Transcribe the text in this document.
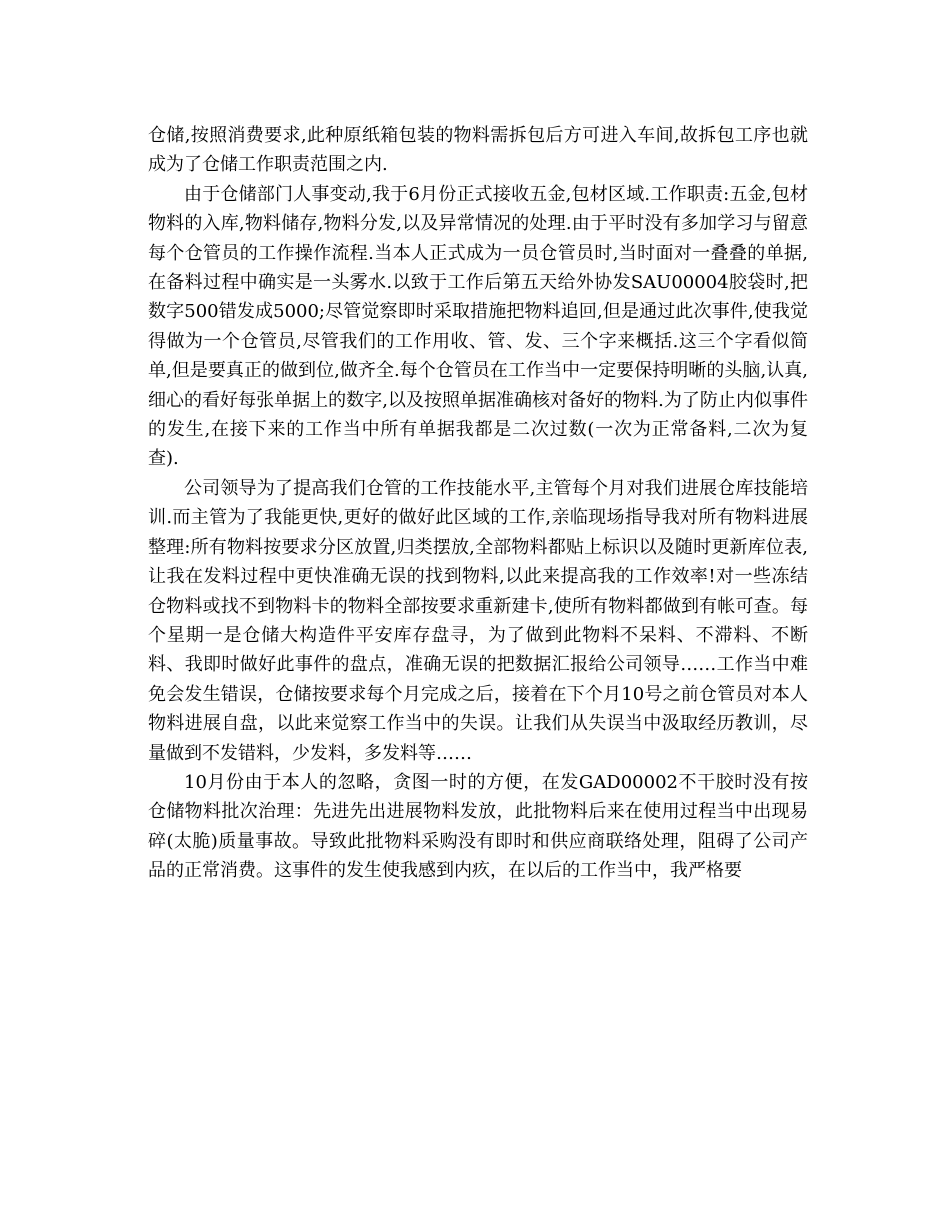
仓储,按照消费要求,此种原纸箱包装的物料需拆包后方可进入车间,故拆包工序也就成为了仓储工作职责范围之内.

由于仓储部门人事变动,我于6月份正式接收五金,包材区域.工作职责:五金,包材物料的入库,物料储存,物料分发,以及异常情况的处理.由于平时没有多加学习与留意每个仓管员的工作操作流程.当本人正式成为一员仓管员时,当时面对一叠叠的单据,在备料过程中确实是一头雾水.以致于工作后第五天给外协发SAU00004胶袋时,把数字500错发成5000;尽管觉察即时采取措施把物料追回,但是通过此次事件,使我觉得做为一个仓管员,尽管我们的工作用收、管、发、三个字来概括.这三个字看似简单,但是要真正的做到位,做齐全.每个仓管员在工作当中一定要保持明晰的头脑,认真,细心的看好每张单据上的数字,以及按照单据准确核对备好的物料.为了防止内似事件的发生,在接下来的工作当中所有单据我都是二次过数(一次为正常备料,二次为复查).

公司领导为了提高我们仓管的工作技能水平,主管每个月对我们进展仓库技能培训.而主管为了我能更快,更好的做好此区域的工作,亲临现场指导我对所有物料进展整理:所有物料按要求分区放置,归类摆放,全部物料都贴上标识以及随时更新库位表,让我在发料过程中更快准确无误的找到物料,以此来提高我的工作效率!对一些冻结仓物料或找不到物料卡的物料全部按要求重新建卡,使所有物料都做到有帐可查。每个星期一是仓储大构造件平安库存盘寻，为了做到此物料不呆料、不滞料、不断料、我即时做好此事件的盘点，准确无误的把数据汇报给公司领导……工作当中难免会发生错误，仓储按要求每个月完成之后，接着在下个月10号之前仓管员对本人物料进展自盘，以此来觉察工作当中的失误。让我们从失误当中汲取经历教训，尽量做到不发错料，少发料，多发料等……

10月份由于本人的忽略，贪图一时的方便，在发GAD00002不干胶时没有按仓储物料批次治理：先进先出进展物料发放，此批物料后来在使用过程当中出现易碎(太脆)质量事故。导致此批物料采购没有即时和供应商联络处理，阻碍了公司产品的正常消费。这事件的发生使我感到内疚，在以后的工作当中，我严格要
